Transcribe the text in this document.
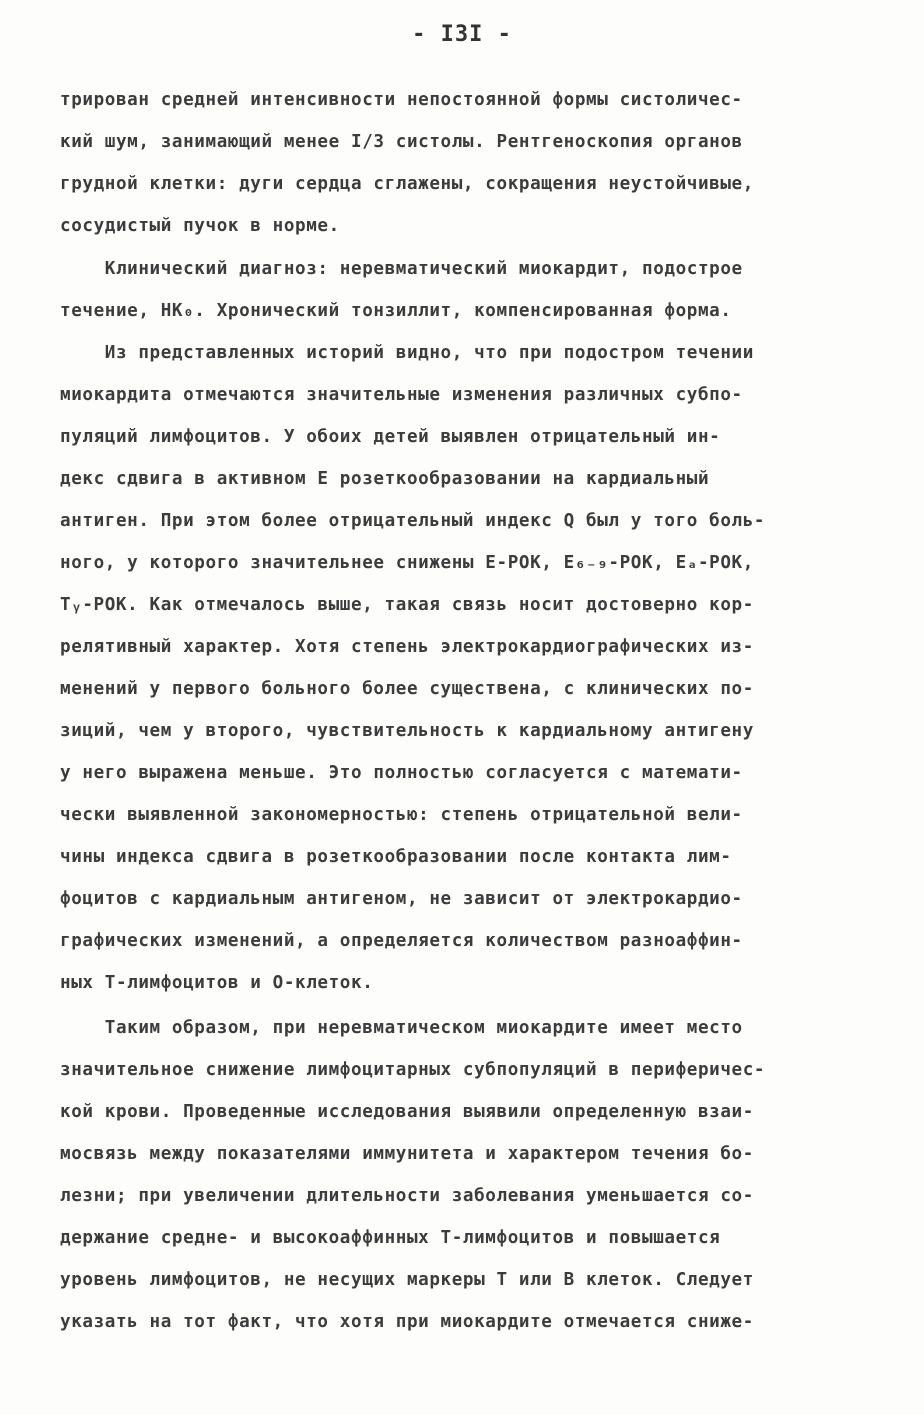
- I3I -
трирован средней интенсивности непостоянной формы систоличес-
кий шум, занимающий менее I/3 систолы. Рентгеноскопия органов
грудной клетки: дуги сердца сглажены, сокращения неустойчивые,
сосудистый пучок в норме.
Клинический диагноз: неревматический миокардит, подострое
течение, НК₀. Хронический тонзиллит, компенсированная форма.
Из представленных историй видно, что при подостром течении
миокардита отмечаются значительные изменения различных субпо-
пуляций лимфоцитов. У обоих детей выявлен отрицательный ин-
декс сдвига в активном Е розеткообразовании на кардиальный
антиген. При этом более отрицательный индекс Q был у того боль-
ного, у которого значительнее снижены Е-РОК, Е₆₋₉-РОК, Еₐ-РОК,
Тᵧ-РОК. Как отмечалось выше, такая связь носит достоверно кор-
релятивный характер. Хотя степень электрокардиографических из-
менений у первого больного более существена, с клинических по-
зиций, чем у второго, чувствительность к кардиальному антигену
у него выражена меньше. Это полностью согласуется с математи-
чески выявленной закономерностью: степень отрицательной вели-
чины индекса сдвига в розеткообразовании после контакта лим-
фоцитов с кардиальным антигеном, не зависит от электрокардио-
графических изменений, а определяется количеством разноаффин-
ных Т-лимфоцитов и О-клеток.
Таким образом, при неревматическом миокардите имеет место
значительное снижение лимфоцитарных субпопуляций в периферичес-
кой крови. Проведенные исследования выявили определенную взаи-
мосвязь между показателями иммунитета и характером течения бо-
лезни; при увеличении длительности заболевания уменьшается со-
держание средне- и высокоаффинных Т-лимфоцитов и повышается
уровень лимфоцитов, не несущих маркеры Т или В клеток. Следует
указать на тот факт, что хотя при миокардите отмечается сниже-
